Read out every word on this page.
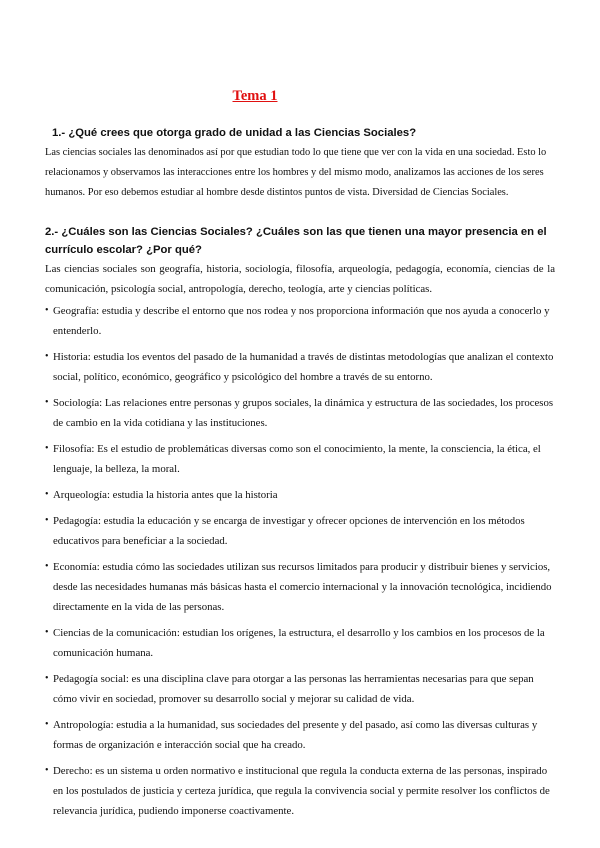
Tema 1
1.- ¿Qué crees que otorga grado de unidad a las Ciencias Sociales?
Las ciencias sociales las denominados así por que estudian todo lo que tiene que ver con la vida en una sociedad. Esto lo relacionamos y observamos las interacciones entre los hombres y del mismo modo, analizamos las acciones de los seres humanos. Por eso debemos estudiar al hombre desde distintos puntos de vista. Diversidad de Ciencias Sociales.
2.- ¿Cuáles son las Ciencias Sociales? ¿Cuáles son las que tienen una mayor presencia en el currículo escolar? ¿Por qué?
Las ciencias sociales son geografía, historia, sociología, filosofía, arqueología, pedagogía, economía, ciencias de la comunicación, psicología social, antropología, derecho, teología, arte y ciencias políticas.
• Geografía: estudia y describe el entorno que nos rodea y nos proporciona información que nos ayuda a conocerlo y entenderlo.
• Historia: estudia los eventos del pasado de la humanidad a través de distintas metodologías que analizan el contexto social, político, económico, geográfico y psicológico del hombre a través de su entorno.
• Sociología: Las relaciones entre personas y grupos sociales, la dinámica y estructura de las sociedades, los procesos de cambio en la vida cotidiana y las instituciones.
• Filosofía: Es el estudio de problemáticas diversas como son el conocimiento, la mente, la consciencia, la ética, el lenguaje, la belleza, la moral.
• Arqueología: estudia la historia antes que la historia
• Pedagogía: estudia la educación y se encarga de investigar y ofrecer opciones de intervención en los métodos educativos para beneficiar a la sociedad.
• Economía: estudia cómo las sociedades utilizan sus recursos limitados para producir y distribuir bienes y servicios, desde las necesidades humanas más básicas hasta el comercio internacional y la innovación tecnológica, incidiendo directamente en la vida de las personas.
• Ciencias de la comunicación: estudian los orígenes, la estructura, el desarrollo y los cambios en los procesos de la comunicación humana.
• Pedagogía social: es una disciplina clave para otorgar a las personas las herramientas necesarias para que sepan cómo vivir en sociedad, promover su desarrollo social y mejorar su calidad de vida.
• Antropología: estudia a la humanidad, sus sociedades del presente y del pasado, así como las diversas culturas y formas de organización e interacción social que ha creado.
• Derecho: es un sistema u orden normativo e institucional que regula la conducta externa de las personas, inspirado en los postulados de justicia y certeza jurídica, que regula la convivencia social y permite resolver los conflictos de relevancia jurídica, pudiendo imponerse coactivamente.
